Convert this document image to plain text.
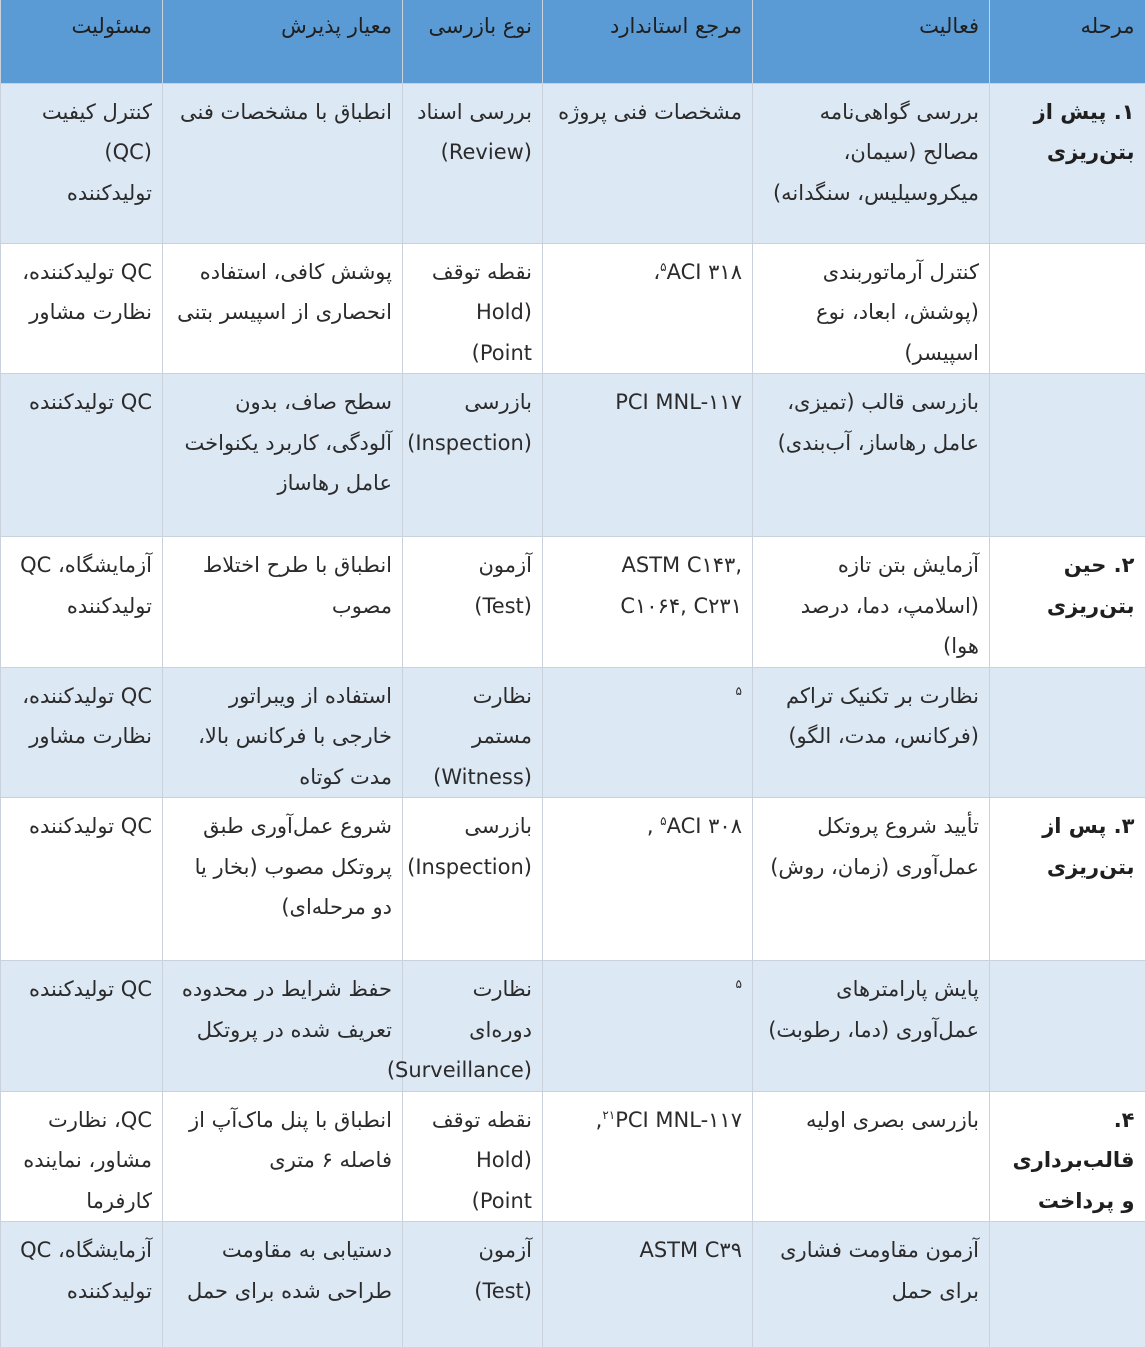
مرحله	فعالیت	مرجع استاندارد	نوع بازرسی	معیار پذیرش	مسئولیت
۱. پیش از بتن‌ریزی	بررسی گواهی‌نامه مصالح (سیمان، میکروسیلیس، سنگدانه)	مشخصات فنی پروژه	بررسی اسناد (Review)	انطباق با مشخصات فنی	کنترل کیفیت (QC) تولیدکننده
	کنترل آرماتوربندی (پوشش، ابعاد، نوع اسپیسر)	$^۵$ACI ۳۱۸،	نقطه توقف (Hold Point)	پوشش کافی، استفاده انحصاری از اسپیسر بتنی	QC تولیدکننده، نظارت مشاور
	بازرسی قالب (تمیزی، عامل رهاساز، آب‌بندی)	PCI MNL-۱۱۷	بازرسی (Inspection)	سطح صاف، بدون آلودگی، کاربرد یکنواخت عامل رهاساز	QC تولیدکننده
۲. حین بتن‌ریزی	آزمایش بتن تازه (اسلامپ، دما، درصد هوا)	ASTM C۱۴۳, C۱۰۶۴, C۲۳۱	آزمون (Test)	انطباق با طرح اختلاط مصوب	آزمایشگاه، QC تولیدکننده
	نظارت بر تکنیک تراکم (فرکانس، مدت، الگو)	$^۵$	نظارت مستمر (Witness)	استفاده از ویبراتور خارجی با فرکانس بالا، مدت کوتاه	QC تولیدکننده، نظارت مشاور
۳. پس از بتن‌ریزی	تأیید شروع پروتکل عمل‌آوری (زمان، روش)	$^۵$ACI ۳۰۸ ,	بازرسی (Inspection)	شروع عمل‌آوری طبق پروتکل مصوب (بخار یا دو مرحله‌ای)	QC تولیدکننده
	پایش پارامترهای عمل‌آوری (دما، رطوبت)	$^۵$	نظارت دوره‌ای (Surveillance)	حفظ شرایط در محدوده تعریف شده در پروتکل	QC تولیدکننده
۴. قالب‌برداری و پرداخت	بازرسی بصری اولیه	$^{۲۱}$PCI MNL-۱۱۷,	نقطه توقف (Hold Point)	انطباق با پنل ماک‌آپ از فاصله ۶ متری	QC، نظارت مشاور، نماینده کارفرما
	آزمون مقاومت فشاری برای حمل	ASTM C۳۹	آزمون (Test)	دستیابی به مقاومت طراحی شده برای حمل	آزمایشگاه، QC تولیدکننده
